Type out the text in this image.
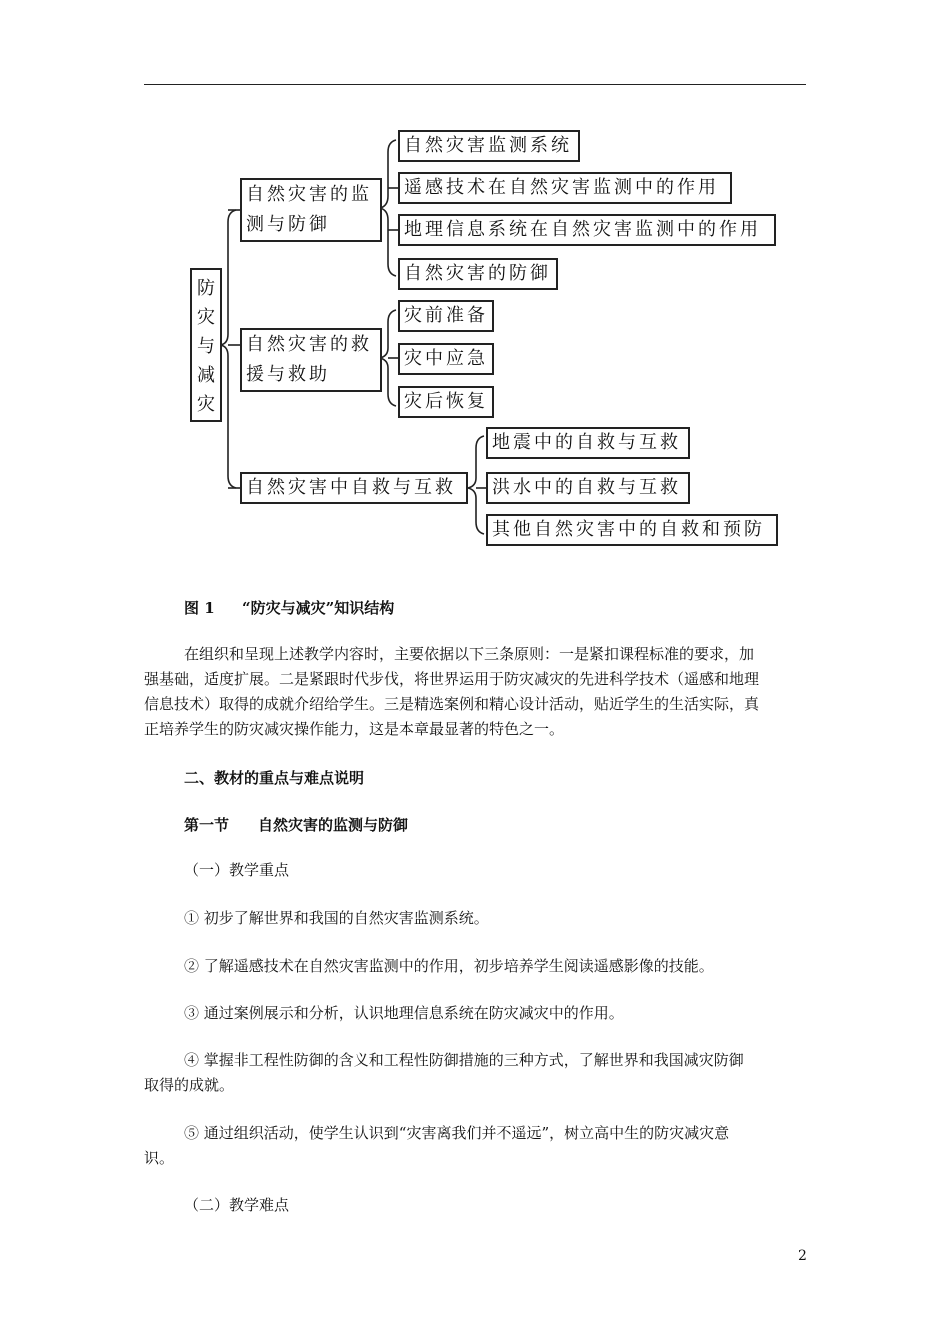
防
灾
与
减
灾
自然灾害的监
测与防御
自然灾害的救
援与救助
自然灾害中自救与互救
自然灾害监测系统
遥感技术在自然灾害监测中的作用
地理信息系统在自然灾害监测中的作用
自然灾害的防御
灾前准备
灾中应急
灾后恢复
地震中的自救与互救
洪水中的自救与互救
其他自然灾害中的自救和预防
图 1 “防灾与减灾”知识结构
在组织和呈现上述教学内容时，主要依据以下三条原则：一是紧扣课程标准的要求，加
强基础，适度扩展。二是紧跟时代步伐，将世界运用于防灾减灾的先进科学技术（遥感和地理
信息技术）取得的成就介绍给学生。三是精选案例和精心设计活动，贴近学生的生活实际，真
正培养学生的防灾减灾操作能力，这是本章最显著的特色之一。
二、教材的重点与难点说明
第一节 自然灾害的监测与防御
（一）教学重点
① 初步了解世界和我国的自然灾害监测系统。
② 了解遥感技术在自然灾害监测中的作用，初步培养学生阅读遥感影像的技能。
③ 通过案例展示和分析，认识地理信息系统在防灾减灾中的作用。
④ 掌握非工程性防御的含义和工程性防御措施的三种方式，了解世界和我国减灾防御
取得的成就。
⑤ 通过组织活动，使学生认识到“灾害离我们并不遥远”，树立高中生的防灾减灾意
识。
（二）教学难点
2
